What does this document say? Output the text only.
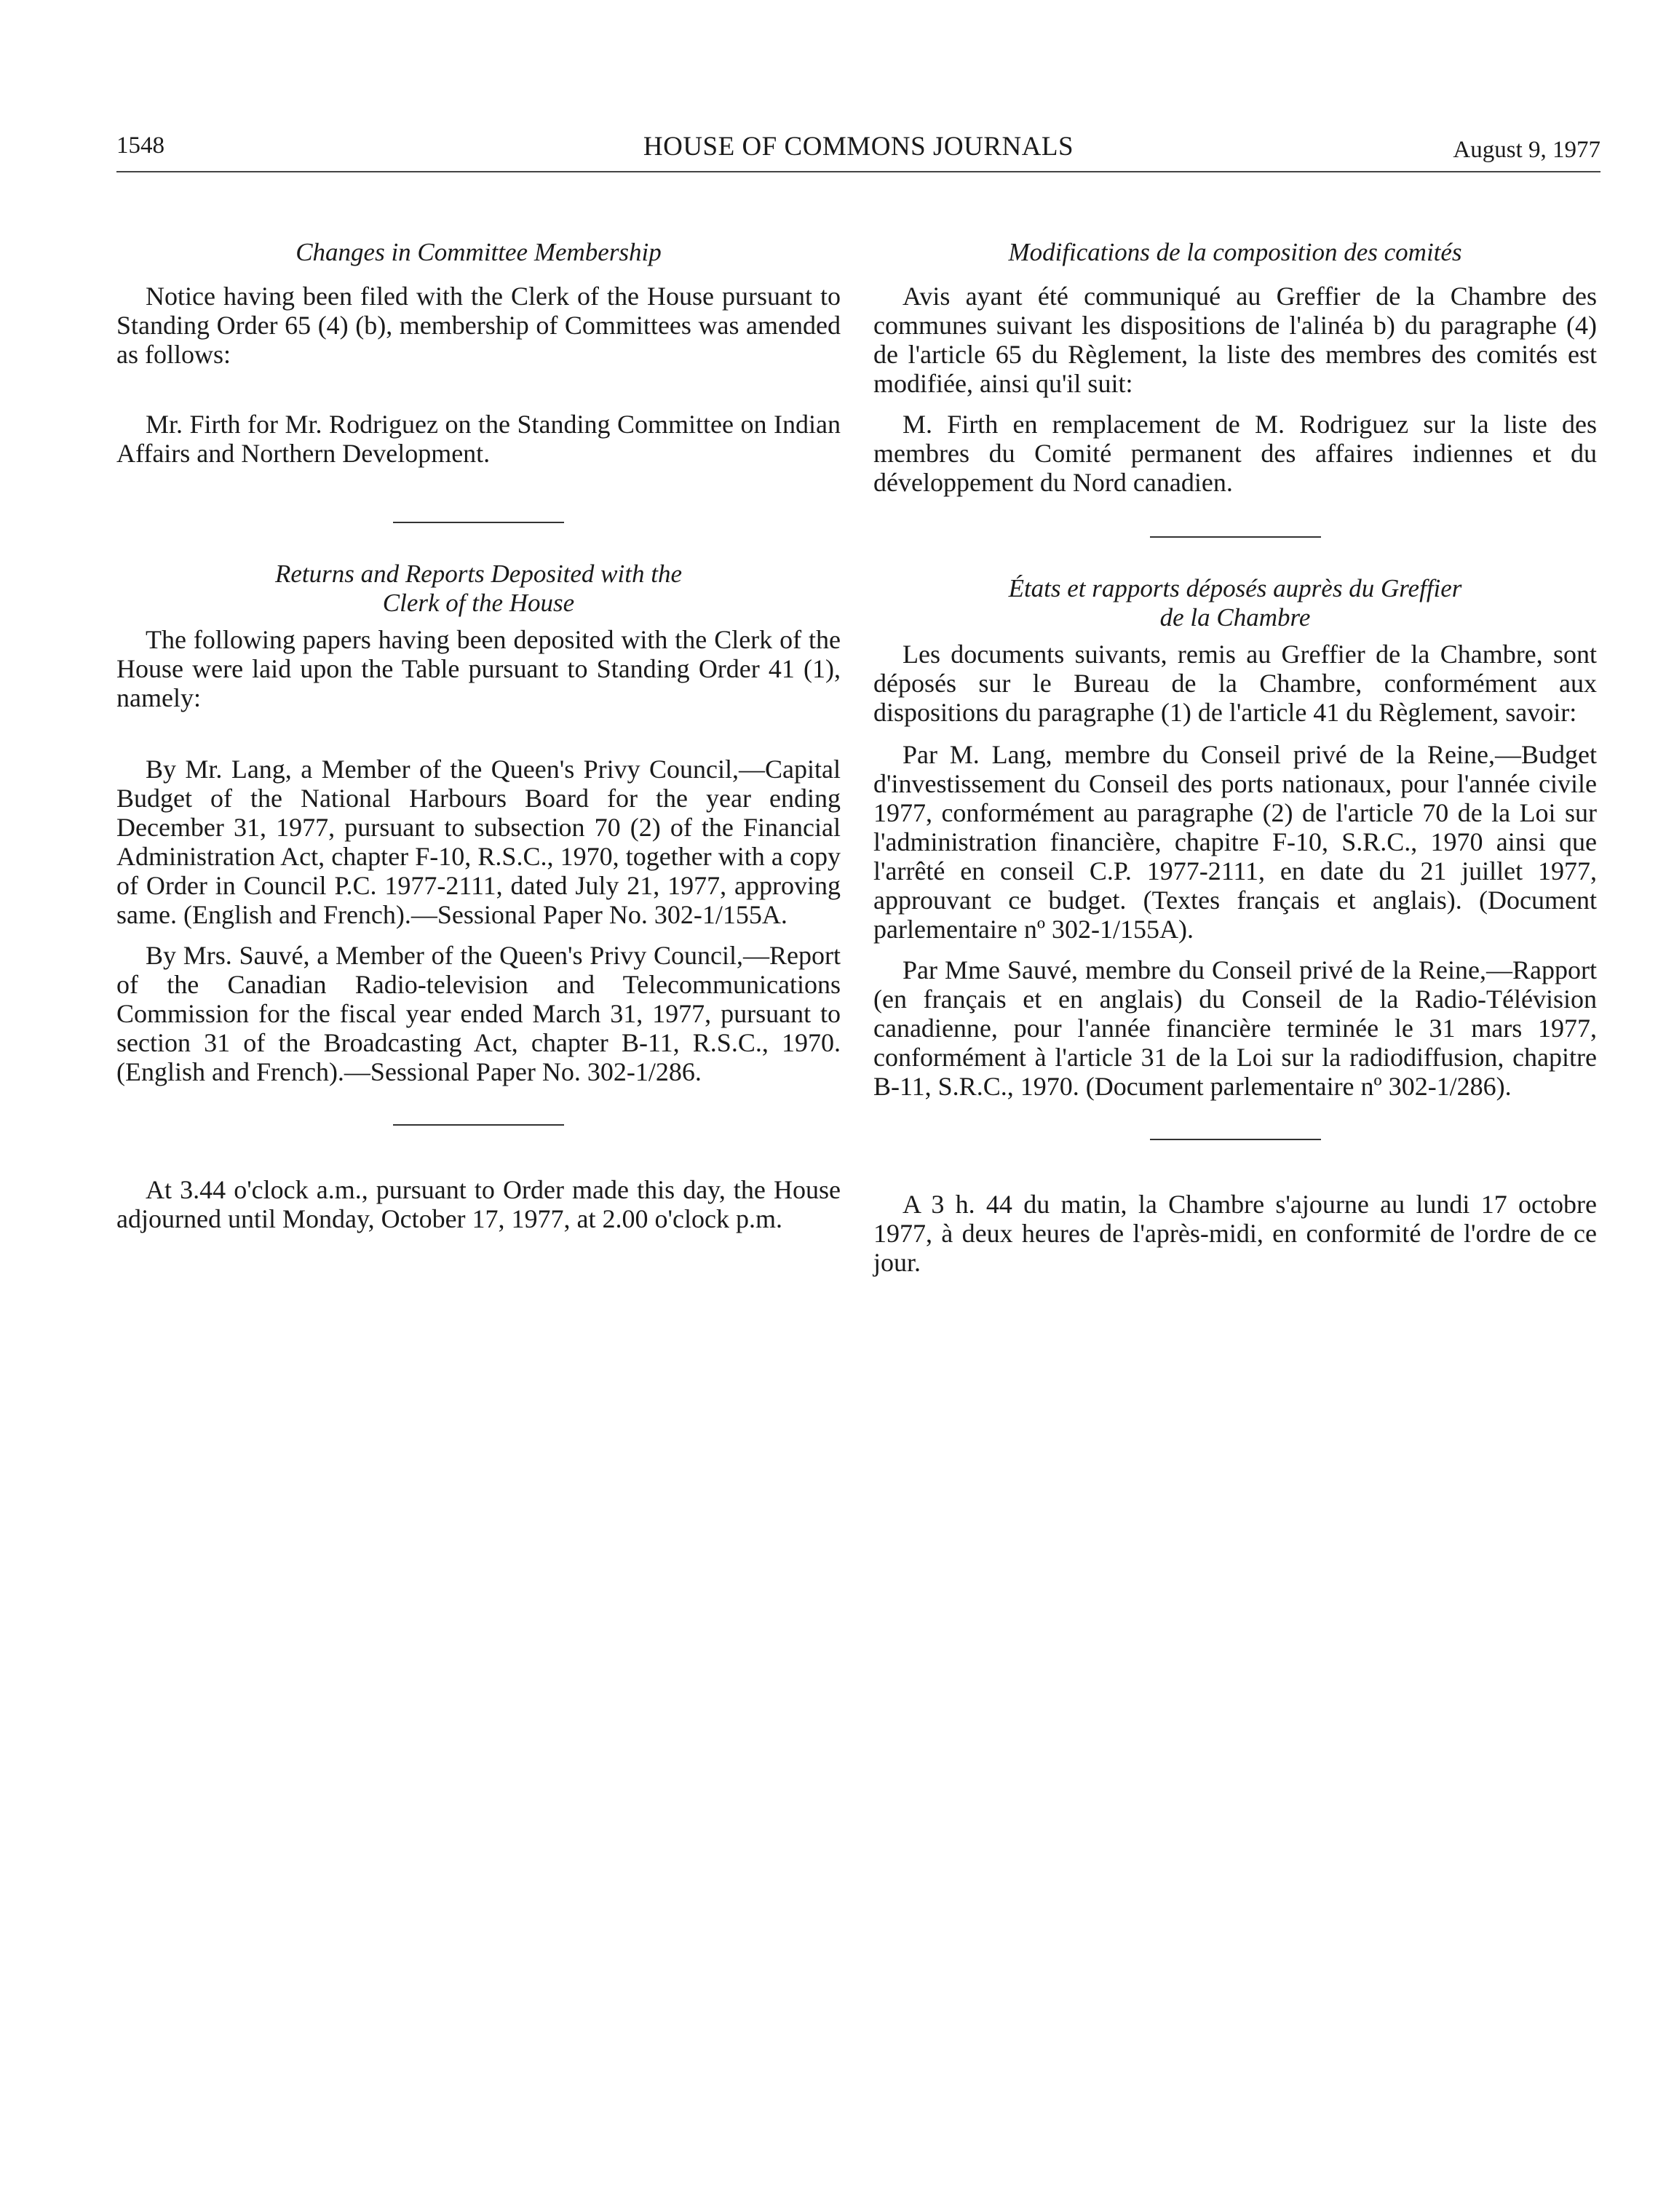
1548	HOUSE OF COMMONS JOURNALS	August 9, 1977

Changes in Committee Membership

Notice having been filed with the Clerk of the House pursuant to Standing Order 65 (4) (b), membership of Committees was amended as follows:

Mr. Firth for Mr. Rodriguez on the Standing Committee on Indian Affairs and Northern Development.

Returns and Reports Deposited with the

Clerk of the House

The following papers having been deposited with the Clerk of the House were laid upon the Table pursuant to Standing Order 41 (1), namely:

By Mr. Lang, a Member of the Queen's Privy Council,—Capital Budget of the National Harbours Board for the year ending December 31, 1977, pursuant to subsection 70 (2) of the Financial Administration Act, chapter F-10, R.S.C., 1970, together with a copy of Order in Council P.C. 1977-2111, dated July 21, 1977, approving same. (English and French).—Sessional Paper No. 302-1/155A.

By Mrs. Sauvé, a Member of the Queen's Privy Council,—Report of the Canadian Radio-television and Telecommunications Commission for the fiscal year ended March 31, 1977, pursuant to section 31 of the Broadcasting Act, chapter B-11, R.S.C., 1970. (English and French).—Sessional Paper No. 302-1/286.

At 3.44 o'clock a.m., pursuant to Order made this day, the House adjourned until Monday, October 17, 1977, at 2.00 o'clock p.m.

Modifications de la composition des comités

Avis ayant été communiqué au Greffier de la Chambre des communes suivant les dispositions de l'alinéa b) du paragraphe (4) de l'article 65 du Règlement, la liste des membres des comités est modifiée, ainsi qu'il suit:

M. Firth en remplacement de M. Rodriguez sur la liste des membres du Comité permanent des affaires indiennes et du développement du Nord canadien.

États et rapports déposés auprès du Greffier

de la Chambre

Les documents suivants, remis au Greffier de la Chambre, sont déposés sur le Bureau de la Chambre, conformément aux dispositions du paragraphe (1) de l'article 41 du Règlement, savoir:

Par M. Lang, membre du Conseil privé de la Reine,—Budget d'investissement du Conseil des ports nationaux, pour l'année civile 1977, conformément au paragraphe (2) de l'article 70 de la Loi sur l'administration financière, chapitre F-10, S.R.C., 1970 ainsi que l'arrêté en conseil C.P. 1977-2111, en date du 21 juillet 1977, approuvant ce budget. (Textes français et anglais). (Document parlementaire nº 302-1/155A).

Par Mme Sauvé, membre du Conseil privé de la Reine,—Rapport (en français et en anglais) du Conseil de la Radio-Télévision canadienne, pour l'année financière terminée le 31 mars 1977, conformément à l'article 31 de la Loi sur la radiodiffusion, chapitre B-11, S.R.C., 1970. (Document parlementaire nº 302-1/286).

A 3 h. 44 du matin, la Chambre s'ajourne au lundi 17 octobre 1977, à deux heures de l'après-midi, en conformité de l'ordre de ce jour.
